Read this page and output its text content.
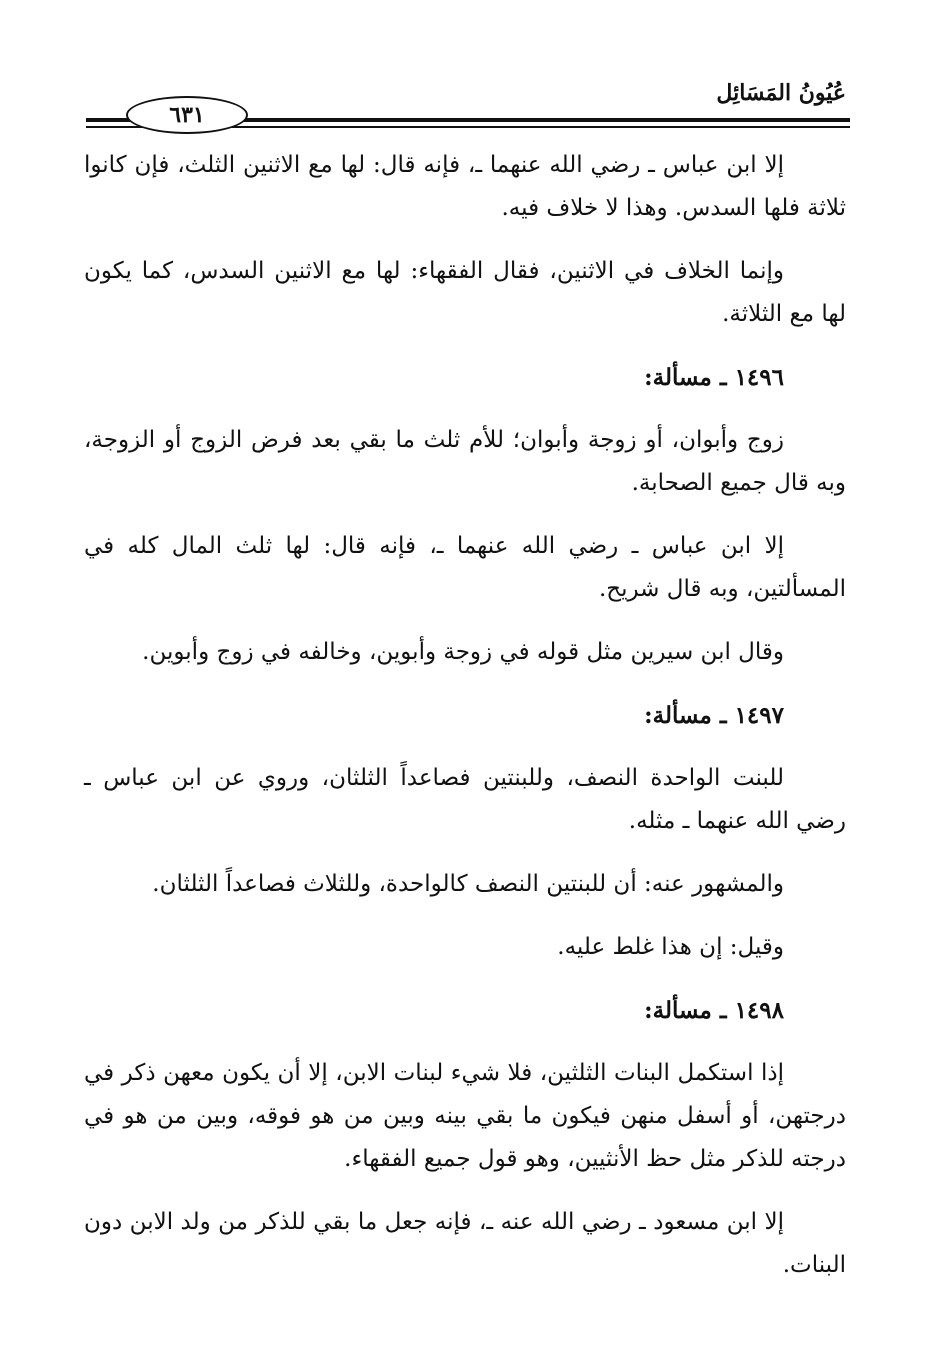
عُيُونُ المَسَائِل
٦٣١

إلا ابن عباس ـ رضي الله عنهما ـ، فإنه قال: لها مع الاثنين الثلث، فإن كانوا ثلاثة فلها السدس. وهذا لا خلاف فيه.

وإنما الخلاف في الاثنين، فقال الفقهاء: لها مع الاثنين السدس، كما يكون لها مع الثلاثة.

١٤٩٦ ـ مسألة:

زوج وأبوان، أو زوجة وأبوان؛ للأم ثلث ما بقي بعد فرض الزوج أو الزوجة، وبه قال جميع الصحابة.

إلا ابن عباس ـ رضي الله عنهما ـ، فإنه قال: لها ثلث المال كله في المسألتين، وبه قال شريح.

وقال ابن سيرين مثل قوله في زوجة وأبوين، وخالفه في زوج وأبوين.

١٤٩٧ ـ مسألة:

للبنت الواحدة النصف، وللبنتين فصاعداً الثلثان، وروي عن ابن عباس ـ رضي الله عنهما ـ مثله.

والمشهور عنه: أن للبنتين النصف كالواحدة، وللثلاث فصاعداً الثلثان.

وقيل: إن هذا غلط عليه.

١٤٩٨ ـ مسألة:

إذا استكمل البنات الثلثين، فلا شيء لبنات الابن، إلا أن يكون معهن ذكر في درجتهن، أو أسفل منهن فيكون ما بقي بينه وبين من هو فوقه، وبين من هو في درجته للذكر مثل حظ الأنثيين، وهو قول جميع الفقهاء.

إلا ابن مسعود ـ رضي الله عنه ـ، فإنه جعل ما بقي للذكر من ولد الابن دون البنات.
